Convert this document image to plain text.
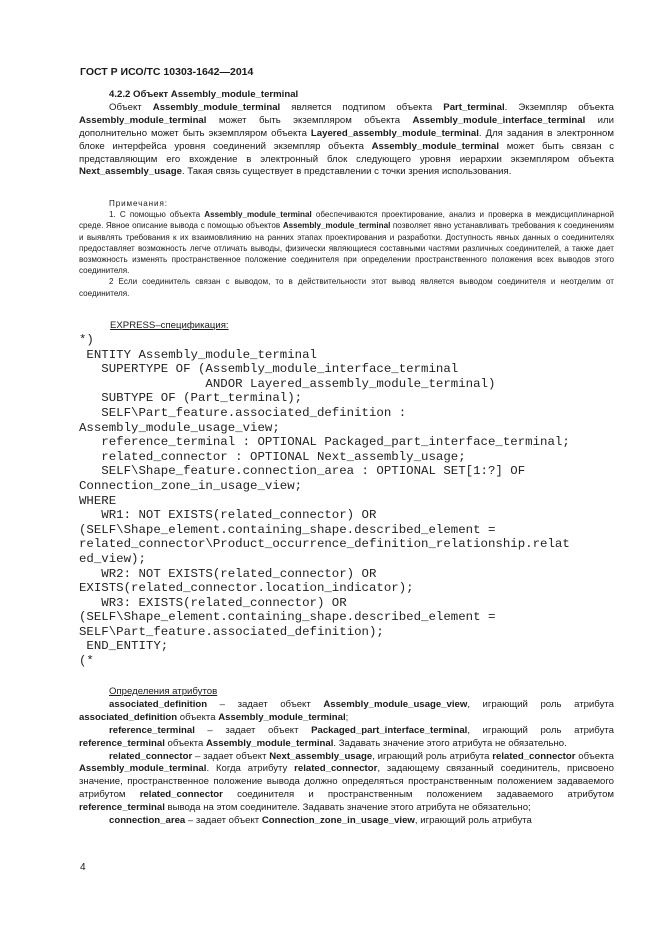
ГОСТ Р ИСО/ТС 10303-1642—2014

4.2.2 Объект Assembly_module_terminal

Объект Assembly_module_terminal является подтипом объекта Part_terminal. Экземпляр объекта Assembly_module_terminal может быть экземпляром объекта Assembly_module_interface_terminal или дополнительно может быть экземпляром объекта Layered_assembly_module_terminal. Для задания в электронном блоке интерфейса уровня соединений экземпляр объекта Assembly_module_terminal может быть связан с представляющим его вхождение в электронный блок следующего уровня иерархии экземпляром объекта Next_assembly_usage. Такая связь существует в представлении с точки зрения использования.

Примечания:

1. С помощью объекта Assembly_module_terminal обеспечиваются проектирование, анализ и проверка в междисциплинарной среде. Явное описание вывода с помощью объектов Assembly_module_terminal позволяет явно устанавливать требования к соединениям и выявлять требования к их взаимовлиянию на ранних этапах проектирования и разработки. Доступность явных данных о соединителях предоставляет возможность легче отличать выводы, физически являющиеся составными частями различных соединителей, а также дает возможность изменять пространственное положение соединителя при определении пространственного положения всех выводов этого соединителя.

2 Если соединитель связан с выводом, то в действительности этот вывод является выводом соединителя и неотделим от соединителя.

EXPRESS–спецификация:
*)
ENTITY Assembly_module_terminal
SUPERTYPE OF (Assembly_module_interface_terminal
ANDOR Layered_assembly_module_terminal)
SUBTYPE OF (Part_terminal);
SELF\Part_feature.associated_definition :
Assembly_module_usage_view;
reference_terminal : OPTIONAL Packaged_part_interface_terminal;
related_connector : OPTIONAL Next_assembly_usage;
SELF\Shape_feature.connection_area : OPTIONAL SET[1:?] OF
Connection_zone_in_usage_view;
WHERE
WR1: NOT EXISTS(related_connector) OR
(SELF\Shape_element.containing_shape.described_element =
related_connector\Product_occurrence_definition_relationship.relat
ed_view);
WR2: NOT EXISTS(related_connector) OR
EXISTS(related_connector.location_indicator);
WR3: EXISTS(related_connector) OR
(SELF\Shape_element.containing_shape.described_element =
SELF\Part_feature.associated_definition);
END_ENTITY;
(*

Определения атрибутов

associated_definition – задает объект Assembly_module_usage_view, играющий роль атрибута associated_definition объекта Assembly_module_terminal;

reference_terminal – задает объект Packaged_part_interface_terminal, играющий роль атрибута reference_terminal объекта Assembly_module_terminal. Задавать значение этого атрибута не обязательно.

related_connector – задает объект Next_assembly_usage, играющий роль атрибута related_connector объекта Assembly_module_terminal. Когда атрибуту related_connector, задающему связанный соединитель, присвоено значение, пространственное положение вывода должно определяться пространственным положением задаваемого атрибутом related_connector соединителя и пространственным положением задаваемого атрибутом reference_terminal вывода на этом соединителе. Задавать значение этого атрибута не обязательно;

connection_area – задает объект Connection_zone_in_usage_view, играющий роль атрибута

4
